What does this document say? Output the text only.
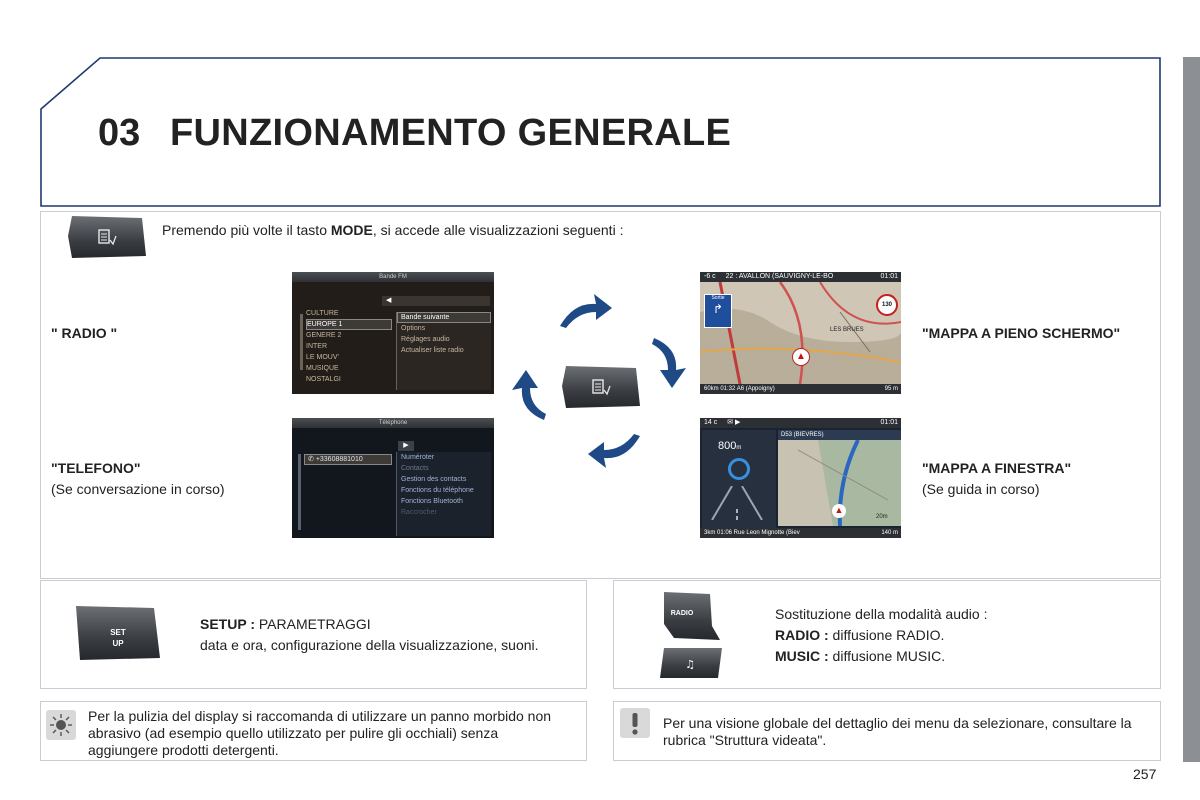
03 FUNZIONAMENTO GENERALE
Premendo più volte il tasto MODE, si accede alle visualizzazioni seguenti :
" RADIO "
"TELEFONO"
(Se conversazione in corso)
"MAPPA A PIENO SCHERMO"
"MAPPA A FINESTRA"
(Se guida in corso)
Bande FM
◀
CULTURE
EUROPE 1
GENERE 2
INTER
LE MOUV'
MUSIQUE
NOSTALGI
Bande suivante
Options
Réglages audio
Actualiser liste radio
Téléphone
▶
✆ +33608881010	Numéroter
Contacts
Gestion des contacts
Fonctions du téléphone
Fonctions Bluetooth
Raccrocher
-6 c 22 : AVALLON (SAUVIGNY-LE-BO	01:01
Sortie
↱	130
LES BRUES
▲
60km 01:32 A6 (Appoigny)	95 m
14 c ✉ ▶	01:01
800m
D53 (BIEVRES)
▲
20m
3km 01:06 Rue Leon Mignotte (Biev	140 m
SET
UP
SETUP : PARAMETRAGGI
data e ora, configurazione della visualizzazione, suoni.
RADIO
♫
Sostituzione della modalità audio :
RADIO : diffusione RADIO.
MUSIC : diffusione MUSIC.
Per la pulizia del display si raccomanda di utilizzare un panno morbido non abrasivo (ad esempio quello utilizzato per pulire gli occhiali) senza aggiungere prodotti detergenti.
Per una visione globale del dettaglio dei menu da selezionare, consultare la rubrica "Struttura videata".
257
